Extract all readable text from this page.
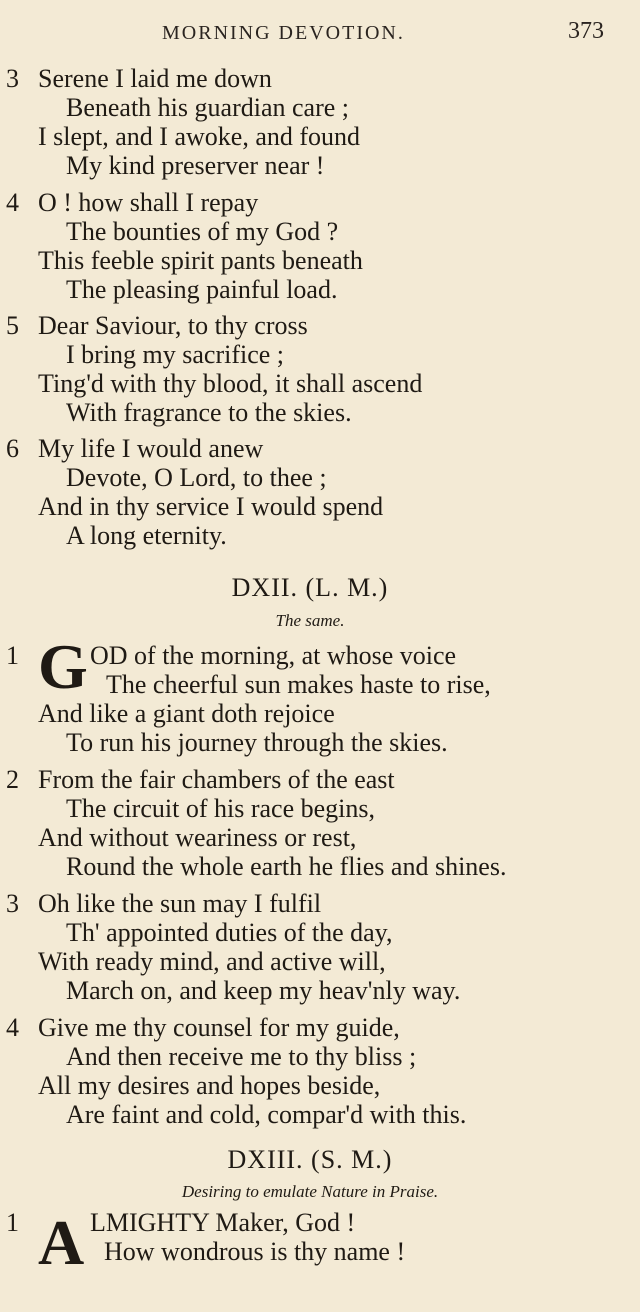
MORNING DEVOTION.	373
3 Serene I laid me down
Beneath his guardian care ;
I slept, and I awoke, and found
My kind preserver near !
4 O ! how shall I repay
The bounties of my God ?
This feeble spirit pants beneath
The pleasing painful load.
5 Dear Saviour, to thy cross
I bring my sacrifice ;
Ting'd with thy blood, it shall ascend
With fragrance to the skies.
6 My life I would anew
Devote, O Lord, to thee ;
And in thy service I would spend
A long eternity.
DXII. (L. M.)
The same.
1 G OD of the morning, at whose voice
The cheerful sun makes haste to rise,
And like a giant doth rejoice
To run his journey through the skies.
2 From the fair chambers of the east
The circuit of his race begins,
And without weariness or rest,
Round the whole earth he flies and shines.
3 Oh like the sun may I fulfil
Th' appointed duties of the day,
With ready mind, and active will,
March on, and keep my heav'nly way.
4 Give me thy counsel for my guide,
And then receive me to thy bliss ;
All my desires and hopes beside,
Are faint and cold, compar'd with this.
DXIII. (S. M.)
Desiring to emulate Nature in Praise.
1 A LMIGHTY Maker, God !
How wondrous is thy name !
